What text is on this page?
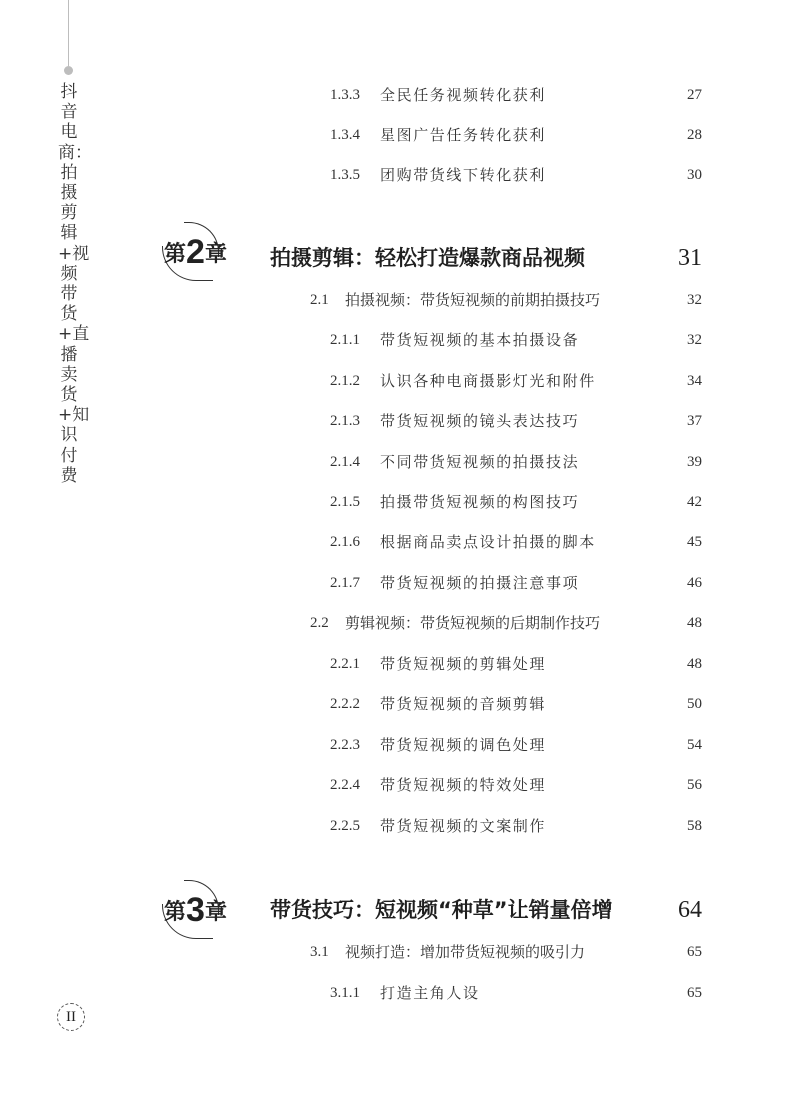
抖音电商：拍摄剪辑+视频带货+直播卖货+知识付费
1.3.3 全民任务视频转化获利	27
1.3.4 星图广告任务转化获利	28
1.3.5 团购带货线下转化获利	30
第2章 拍摄剪辑：轻松打造爆款商品视频	31
2.1 拍摄视频：带货短视频的前期拍摄技巧	32
2.1.1 带货短视频的基本拍摄设备	32
2.1.2 认识各种电商摄影灯光和附件	34
2.1.3 带货短视频的镜头表达技巧	37
2.1.4 不同带货短视频的拍摄技法	39
2.1.5 拍摄带货短视频的构图技巧	42
2.1.6 根据商品卖点设计拍摄的脚本	45
2.1.7 带货短视频的拍摄注意事项	46
2.2 剪辑视频：带货短视频的后期制作技巧	48
2.2.1 带货短视频的剪辑处理	48
2.2.2 带货短视频的音频剪辑	50
2.2.3 带货短视频的调色处理	54
2.2.4 带货短视频的特效处理	56
2.2.5 带货短视频的文案制作	58
第3章 带货技巧：短视频“种草”让销量倍增	64
3.1 视频打造：增加带货短视频的吸引力	65
3.1.1 打造主角人设	65
II
